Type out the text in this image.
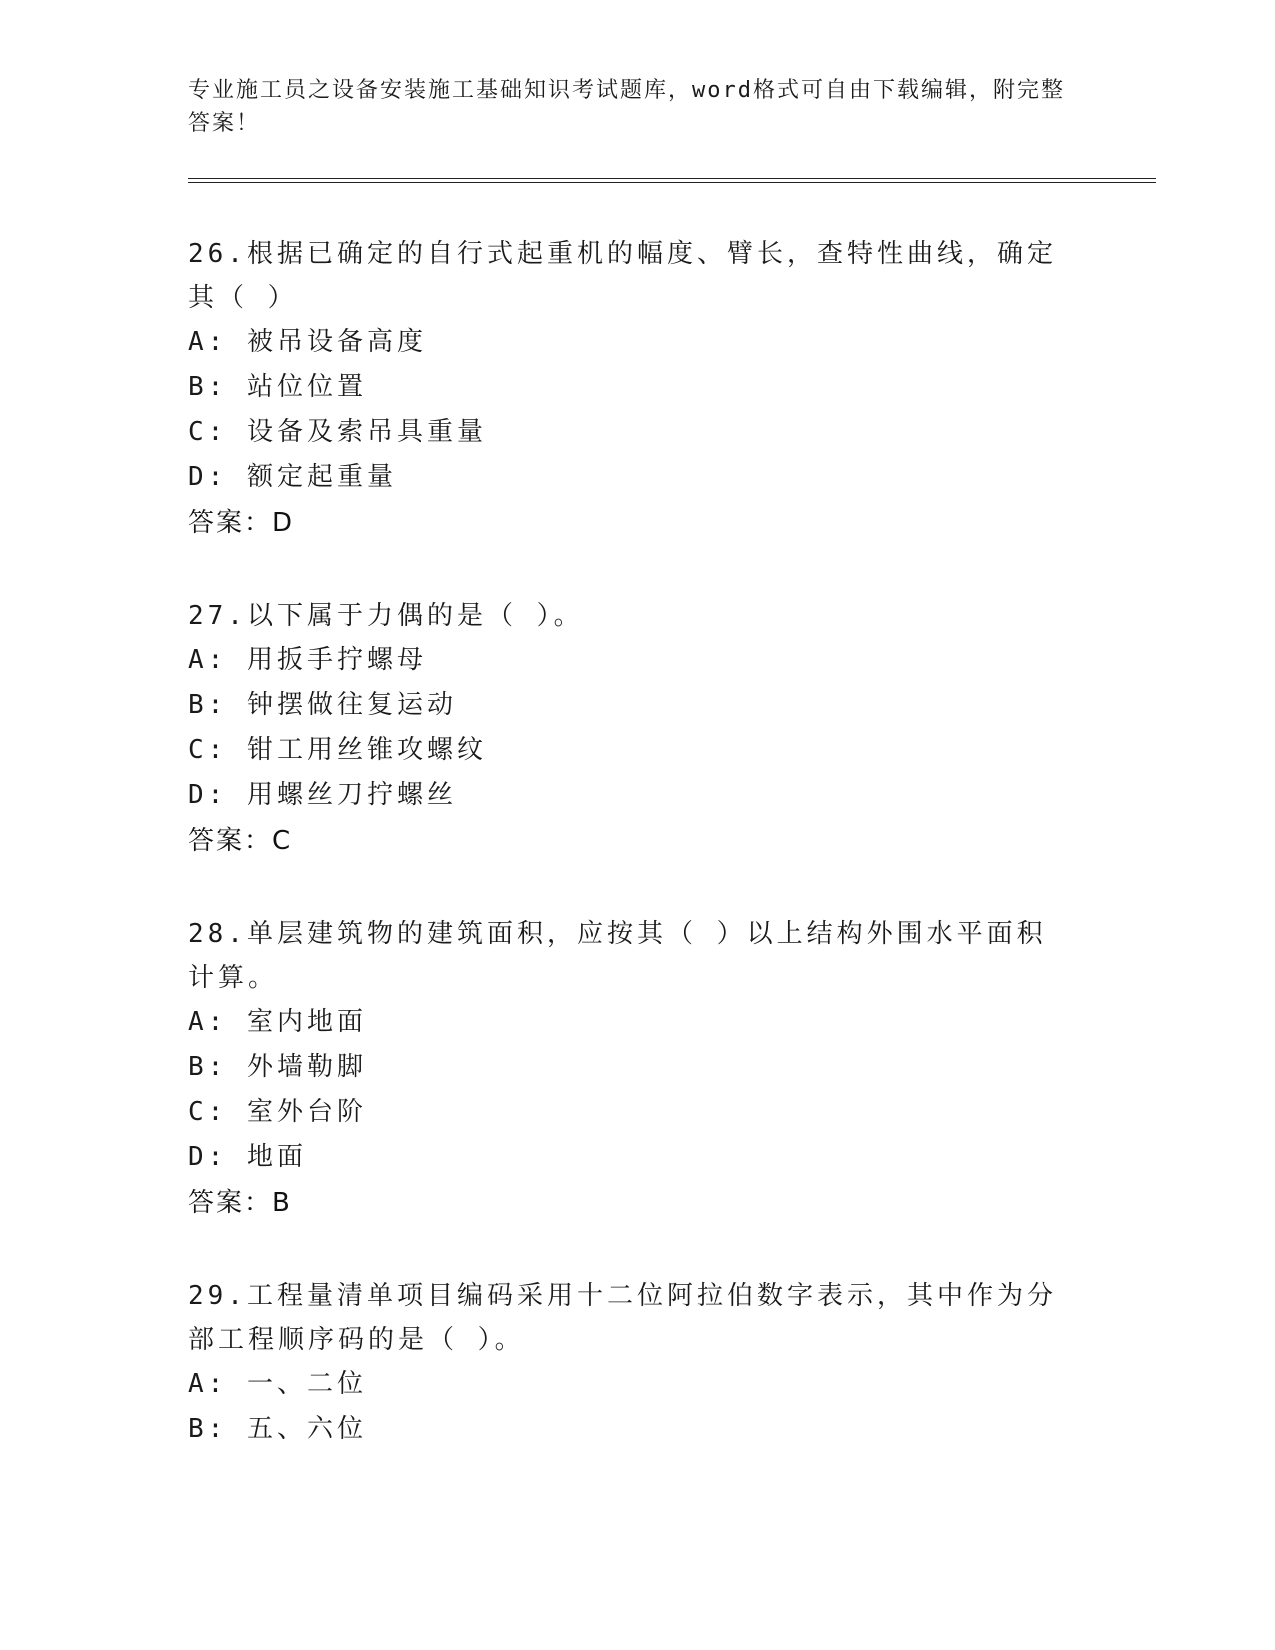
专业施工员之设备安装施工基础知识考试题库，word格式可自由下载编辑，附完整答案！

26.根据已确定的自行式起重机的幅度、臂长，查特性曲线，确定其（ ）

A: 被吊设备高度

B: 站位位置

C: 设备及索吊具重量

D: 额定起重量

答案：D

27.以下属于力偶的是（ ）。

A: 用扳手拧螺母

B: 钟摆做往复运动

C: 钳工用丝锥攻螺纹

D: 用螺丝刀拧螺丝

答案：C

28.单层建筑物的建筑面积，应按其（ ）以上结构外围水平面积计算。

A: 室内地面

B: 外墙勒脚

C: 室外台阶

D: 地面

答案：B

29.工程量清单项目编码采用十二位阿拉伯数字表示，其中作为分部工程顺序码的是（ ）。

A: 一、二位

B: 五、六位
